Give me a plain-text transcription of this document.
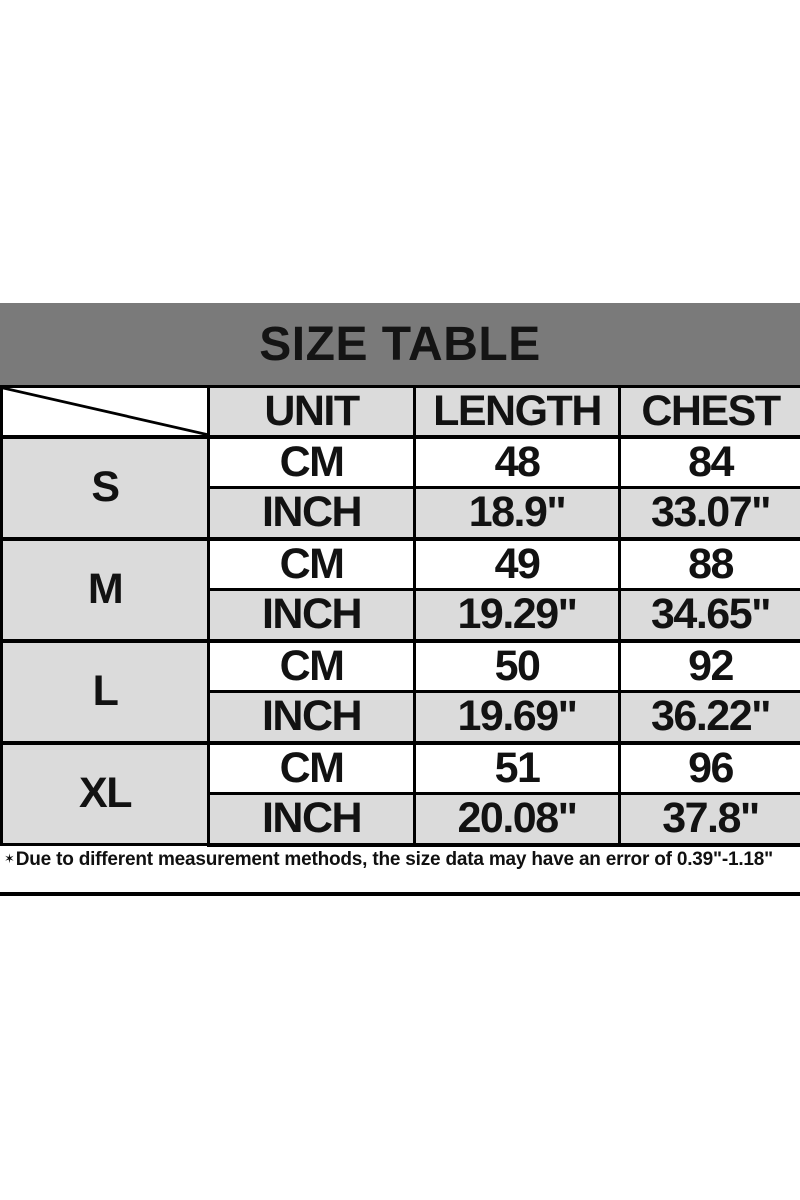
SIZE TABLE
	UNIT	LENGTH	CHEST
S	CM	48	84
	INCH	18.9"	33.07"
M	CM	49	88
	INCH	19.29"	34.65"
L	CM	50	92
	INCH	19.69"	36.22"
XL	CM	51	96
	INCH	20.08"	37.8"
✶Due to different measurement methods, the size data may have an error of 0.39"-1.18"
